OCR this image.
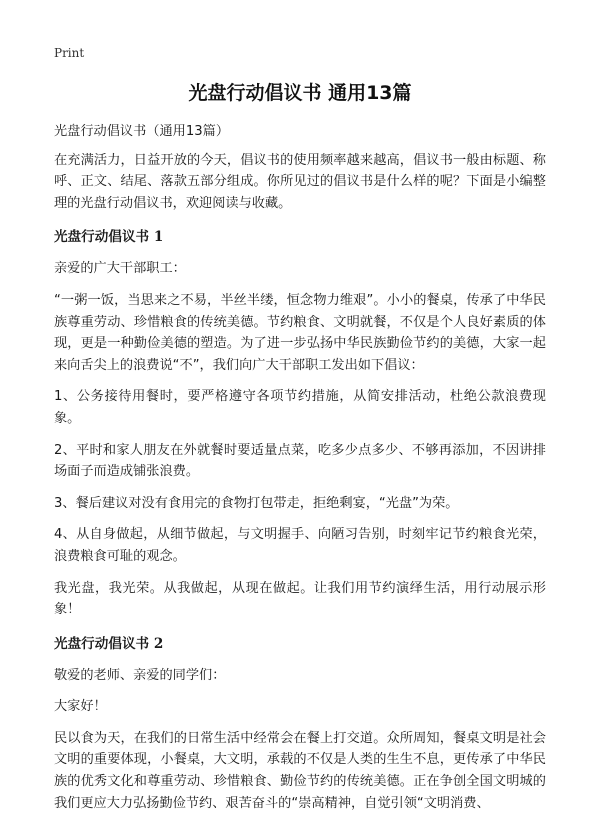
Print
光盘行动倡议书 通用13篇

光盘行动倡议书（通用13篇）

在充满活力，日益开放的今天，倡议书的使用频率越来越高，倡议书一般由标题、称呼、正文、结尾、落款五部分组成。你所见过的倡议书是什么样的呢？下面是小编整理的光盘行动倡议书，欢迎阅读与收藏。

光盘行动倡议书 1

亲爱的广大干部职工：

“一粥一饭，当思来之不易，半丝半缕，恒念物力维艰”。小小的餐桌，传承了中华民族尊重劳动、珍惜粮食的传统美德。节约粮食、文明就餐，不仅是个人良好素质的体现，更是一种勤俭美德的塑造。为了进一步弘扬中华民族勤俭节约的美德，大家一起来向舌尖上的浪费说“不”，我们向广大干部职工发出如下倡议：

1、公务接待用餐时，要严格遵守各项节约措施，从简安排活动，杜绝公款浪费现象。

2、平时和家人朋友在外就餐时要适量点菜，吃多少点多少、不够再添加，不因讲排场面子而造成铺张浪费。

3、餐后建议对没有食用完的食物打包带走，拒绝剩宴，“光盘”为荣。

4、从自身做起，从细节做起，与文明握手、向陋习告别，时刻牢记节约粮食光荣，浪费粮食可耻的观念。

我光盘，我光荣。从我做起，从现在做起。让我们用节约演绎生活，用行动展示形象！

光盘行动倡议书 2

敬爱的老师、亲爱的同学们：

大家好！

民以食为天，在我们的日常生活中经常会在餐上打交道。众所周知，餐桌文明是社会文明的重要体现，小餐桌，大文明，承载的不仅是人类的生生不息，更传承了中华民族的优秀文化和尊重劳动、珍惜粮食、勤俭节约的传统美德。正在争创全国文明城的我们更应大力弘扬勤俭节约、艰苦奋斗的“崇高精神，自觉引领“文明消费、
